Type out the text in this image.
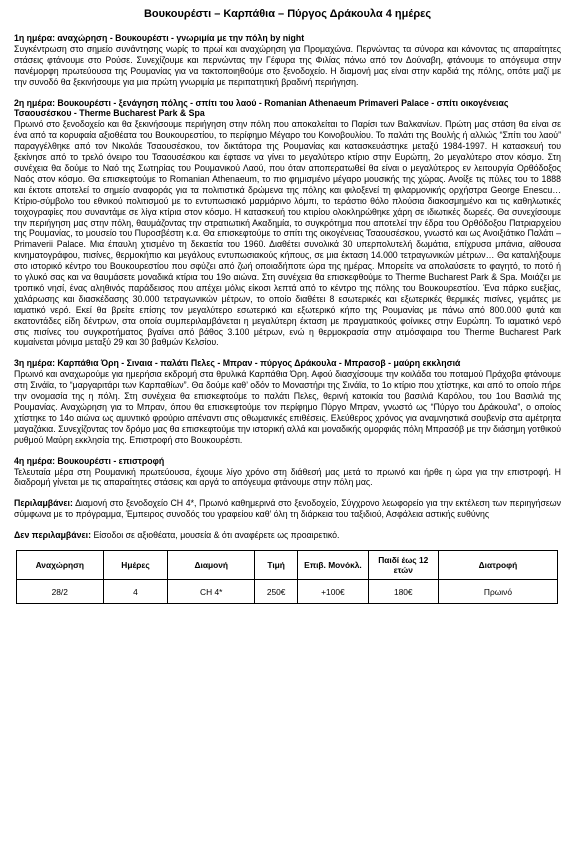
Βουκουρέστι – Καρπάθια – Πύργος Δράκουλα 4 ημέρες

1η ημέρα: αναχώρηση - Βουκουρέστι - γνωριμία με την πόλη by night

Συγκέντρωση στο σημείο συνάντησης νωρίς το πρωί και αναχώρηση για Προμαχώνα. Περνώντας τα σύνορα και κάνοντας τις απαραίτητες στάσεις φτάνουμε στο Ρούσε. Συνεχίζουμε και περνώντας την Γέφυρα της Φιλίας πάνω από τον Δούναβη, φτάνουμε το απόγευμα στην πανέμορφη πρωτεύουσα της Ρουμανίας για να τακτοποιηθούμε στο ξενοδοχείο. Η διαμονή μας είναι στην καρδιά της πόλης, οπότε μαζί με την συνοδό θα ξεκινήσουμε για μια πρώτη γνωριμία με περιπατητική βραδινή περιήγηση.

2η ημέρα: Βουκουρέστι - ξενάγηση πόλης - σπίτι του λαού - Romanian Athenaeum Primaveri Palace - σπίτι οικογένειας Τσαουσέσκου - Therme Bucharest Park & Spa

Πρωινό στο ξενοδοχείο και θα ξεκινήσουμε περιήγηση στην πόλη που αποκαλείται το Παρίσι των Βαλκανίων. Πρώτη μας στάση θα είναι σε ένα από τα κορυφαία αξιοθέατα του Βουκουρεστίου, το περίφημο Μέγαρο του Κοινοβουλίου. Το παλάτι της Βουλής ή αλλιώς “Σπίτι του λαού” παραγγέλθηκε από τον Νικολάε Τσαουσέσκου, τον δικτάτορα της Ρουμανίας και κατασκευάστηκε μεταξύ 1984-1997. Η κατασκευή του ξεκίνησε από το τρελό όνειρο του Τσαουσέσκου και έφτασε να γίνει το μεγαλύτερο κτίριο στην Ευρώπη, 2ο μεγαλύτερο στον κόσμο. Στη συνέχεια θα δούμε το Ναό της Σωτηρίας του Ρουμανικού Λαού, που όταν αποπερατωθεί θα είναι ο μεγαλύτερος εν λειτουργία Ορθόδοξος Ναός στον κόσμο. Θα επισκεφτούμε το Romanian Athenaeum, το πιο φημισμένο μέγαρο μουσικής της χώρας. Ανοίξε τις πύλες του το 1888 και έκτοτε αποτελεί το σημείο αναφοράς για τα πολιτιστικά δρώμενα της πόλης και φιλοξενεί τη φιλαρμονικής ορχήστρα George Enescu… Κτίριο-σύμβολο του εθνικού πολιτισμού με το εντυπωσιακό μαρμάρινο λόμπι, το τεράστιο θόλο πλούσια διακοσμημένο και τις καθηλωτικές τοιχογραφίες που συναντάμε σε λίγα κτίρια στον κόσμο. Η κατασκευή του κτιρίου ολοκληρώθηκε χάρη σε ιδιωτικές δωρεές. Θα συνεχίσουμε την περιήγηση μας στην πόλη, θαυμάζοντας την στρατιωτική Ακαδημία, το συγκρότημα που αποτελεί την έδρα του Ορθόδοξου Πατριαρχείου της Ρουμανίας, το μουσείο του Πυροσβέστη κ.α. Θα επισκεφτούμε το σπίτι της οικογένειας Τσαουσέσκου, γνωστό και ως Ανοιξιάτικο Παλάτι – Primaverii Palace. Μια έπαυλη χτισμένο τη δεκαετία του 1960. Διαθέτει συνολικά 30 υπερπολυτελή δωμάτια, επίχρυσα μπάνια, αίθουσα κινηματογράφου, πισίνες, θερμοκήπιο και μεγάλους εντυπωσιακούς κήπους, σε μια έκταση 14.000 τετραγωνικών μέτρων… Θα καταλήξουμε στο ιστορικό κέντρο του Βουκουρεστίου που σφύζει από ζωή οποιαδήποτε ώρα της ημέρας. Μπορείτε να απολαύσετε το φαγητό, το ποτό ή το γλυκό σας και να θαυμάσετε μοναδικά κτίρια του 19ο αιώνα. Στη συνέχεια θα επισκεφθούμε το Therme Bucharest Park & Spa. Μοιάζει με τροπικό νησί, ένας αληθινός παράδεισος που απέχει μόλις είκοσι λεπτά από το κέντρο της πόλης του Βουκουρεστίου. Ένα πάρκο ευεξίας, χαλάρωσης και διασκέδασης 30.000 τετραγωνικών μέτρων, το οποίο διαθέτει 8 εσωτερικές και εξωτερικές θερμικές πισίνες, γεμάτες με ιαματικό νερό. Εκεί θα βρείτε επίσης τον μεγαλύτερο εσωτερικό και εξωτερικό κήπο της Ρουμανίας με πάνω από 800.000 φυτά και εκατοντάδες είδη δέντρων, στα οποία συμπεριλαμβάνεται η μεγαλύτερη έκταση με πραγματικούς φοίνικες στην Ευρώπη. Το ιαματικό νερό στις πισίνες του συγκροτήματος βγαίνει από βάθος 3.100 μέτρων, ενώ η θερμοκρασία στην ατμόσφαιρα του Therme Bucharest Park κυμαίνεται μόνιμα μεταξύ 29 και 30 βαθμών Κελσίου.

3η ημέρα: Καρπάθια Όρη - Σιναια - παλάτι Πελες - Μπραν - πύργος Δράκουλα - Μπρασοβ - μαύρη εκκλησιά

Πρωινό και αναχωρούμε για ημερήσια εκδρομή στα θρυλικά Καρπάθια Όρη. Αφού διασχίσουμε την κοιλάδα του ποταμού Πράχοβα φτάνουμε στη Σινάϊα, το “μαργαριτάρι των Καρπαθίων”. Θα δούμε καθ’ οδόν το Μοναστήρι της Σινάϊα, το 1ο κτίριο που χτίστηκε, και από το οποίο πήρε την ονομασία της η πόλη. Στη συνέχεια θα επισκεφτούμε το παλάτι Πελες, θερινή κατοικία του βασιλιά Καρόλου, του 1ου Βασιλιά της Ρουμανίας. Αναχώρηση για το Μπραν, όπου θα επισκεφτούμε τον περίφημο Πύργο Μπραν, γνωστό ως “Πύργο του Δράκουλα”, ο οποίος χτίστηκε το 14ο αιώνα ως αμυντικό φρούριο απέναντι στις οθωμανικές επιθέσεις. Ελεύθερος χρόνος για αναμνηστικά σουβενίρ στα αμέτρητα μαγαζάκια. Συνεχίζοντας τον δρόμο μας θα επισκεφτούμε την ιστορική αλλά και μοναδικής ομορφιάς πόλη Μπρασόβ με την διάσημη γοτθικού ρυθμού Μαύρη εκκλησία της. Επιστροφή στο Βουκουρέστι.

4η ημέρα: Βουκουρέστι - επιστροφή

Τελευταία μέρα στη Ρουμανική πρωτεύουσα, έχουμε λίγο χρόνο στη διάθεσή μας μετά το πρωινό και ήρθε η ώρα για την επιστροφή. Η διαδρομή γίνεται με τις απαραίτητες στάσεις και αργά το απόγευμα φτάνουμε στην πόλη μας.

Περιλαμβάνει: Διαμονή στο ξενοδοχείο CH 4*, Πρωινό καθημερινά στο ξενοδοχείο, Σύγχρονο λεωφορείο για την εκτέλεση των περιηγήσεων σύμφωνα με το πρόγραμμα, Έμπειρος συνοδός του γραφείου καθ’ όλη τη διάρκεια του ταξιδιού, Ασφάλεια αστικής ευθύνης

Δεν περιλαμβάνει: Είσοδοι σε αξιοθέατα, μουσεία & ότι αναφέρετε ως προαιρετικό.

Αναχώρηση	Ημέρες	Διαμονή	Τιμή	Επιβ. Μονόκλ.	Παιδί έως 12 ετών	Διατροφή
28/2	4	CH 4*	250€	+100€	180€	Πρωινό
